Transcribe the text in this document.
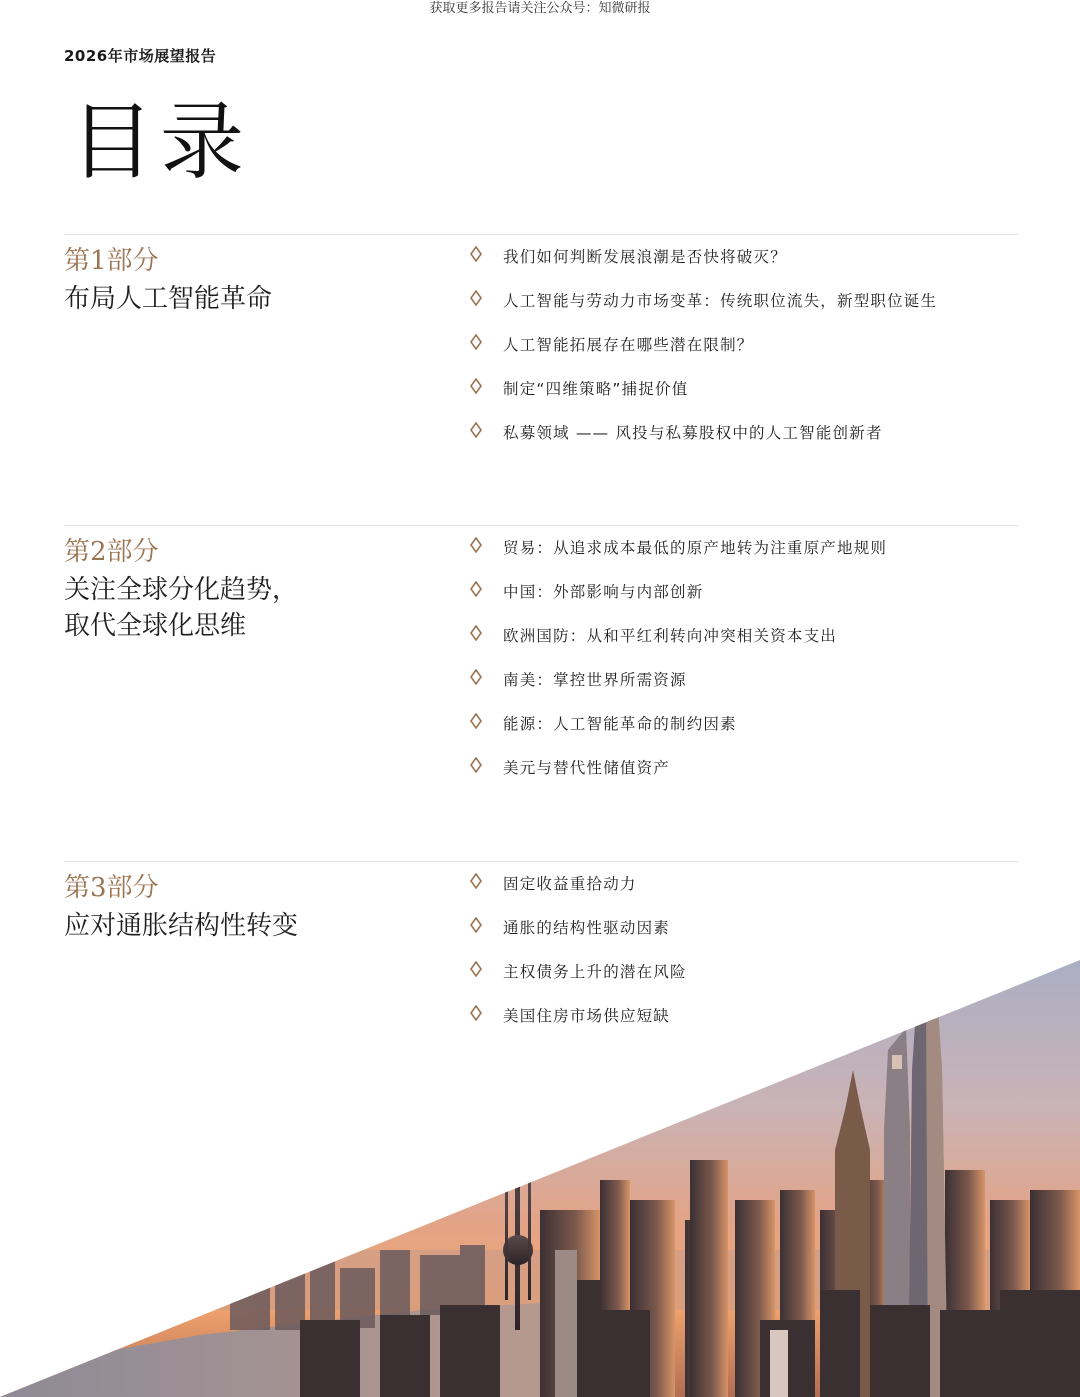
获取更多报告请关注公众号：知微研报
2026年市场展望报告
目录
第1部分
布局人工智能革命
我们如何判断发展浪潮是否快将破灭？
人工智能与劳动力市场变革：传统职位流失，新型职位诞生
人工智能拓展存在哪些潜在限制？
制定“四维策略”捕捉价值
私募领域 —— 风投与私募股权中的人工智能创新者
第2部分
关注全球分化趋势，
取代全球化思维
贸易：从追求成本最低的原产地转为注重原产地规则
中国：外部影响与内部创新
欧洲国防：从和平红利转向冲突相关资本支出
南美：掌控世界所需资源
能源：人工智能革命的制约因素
美元与替代性储值资产
第3部分
应对通胀结构性转变
固定收益重拾动力
通胀的结构性驱动因素
主权债务上升的潜在风险
美国住房市场供应短缺
